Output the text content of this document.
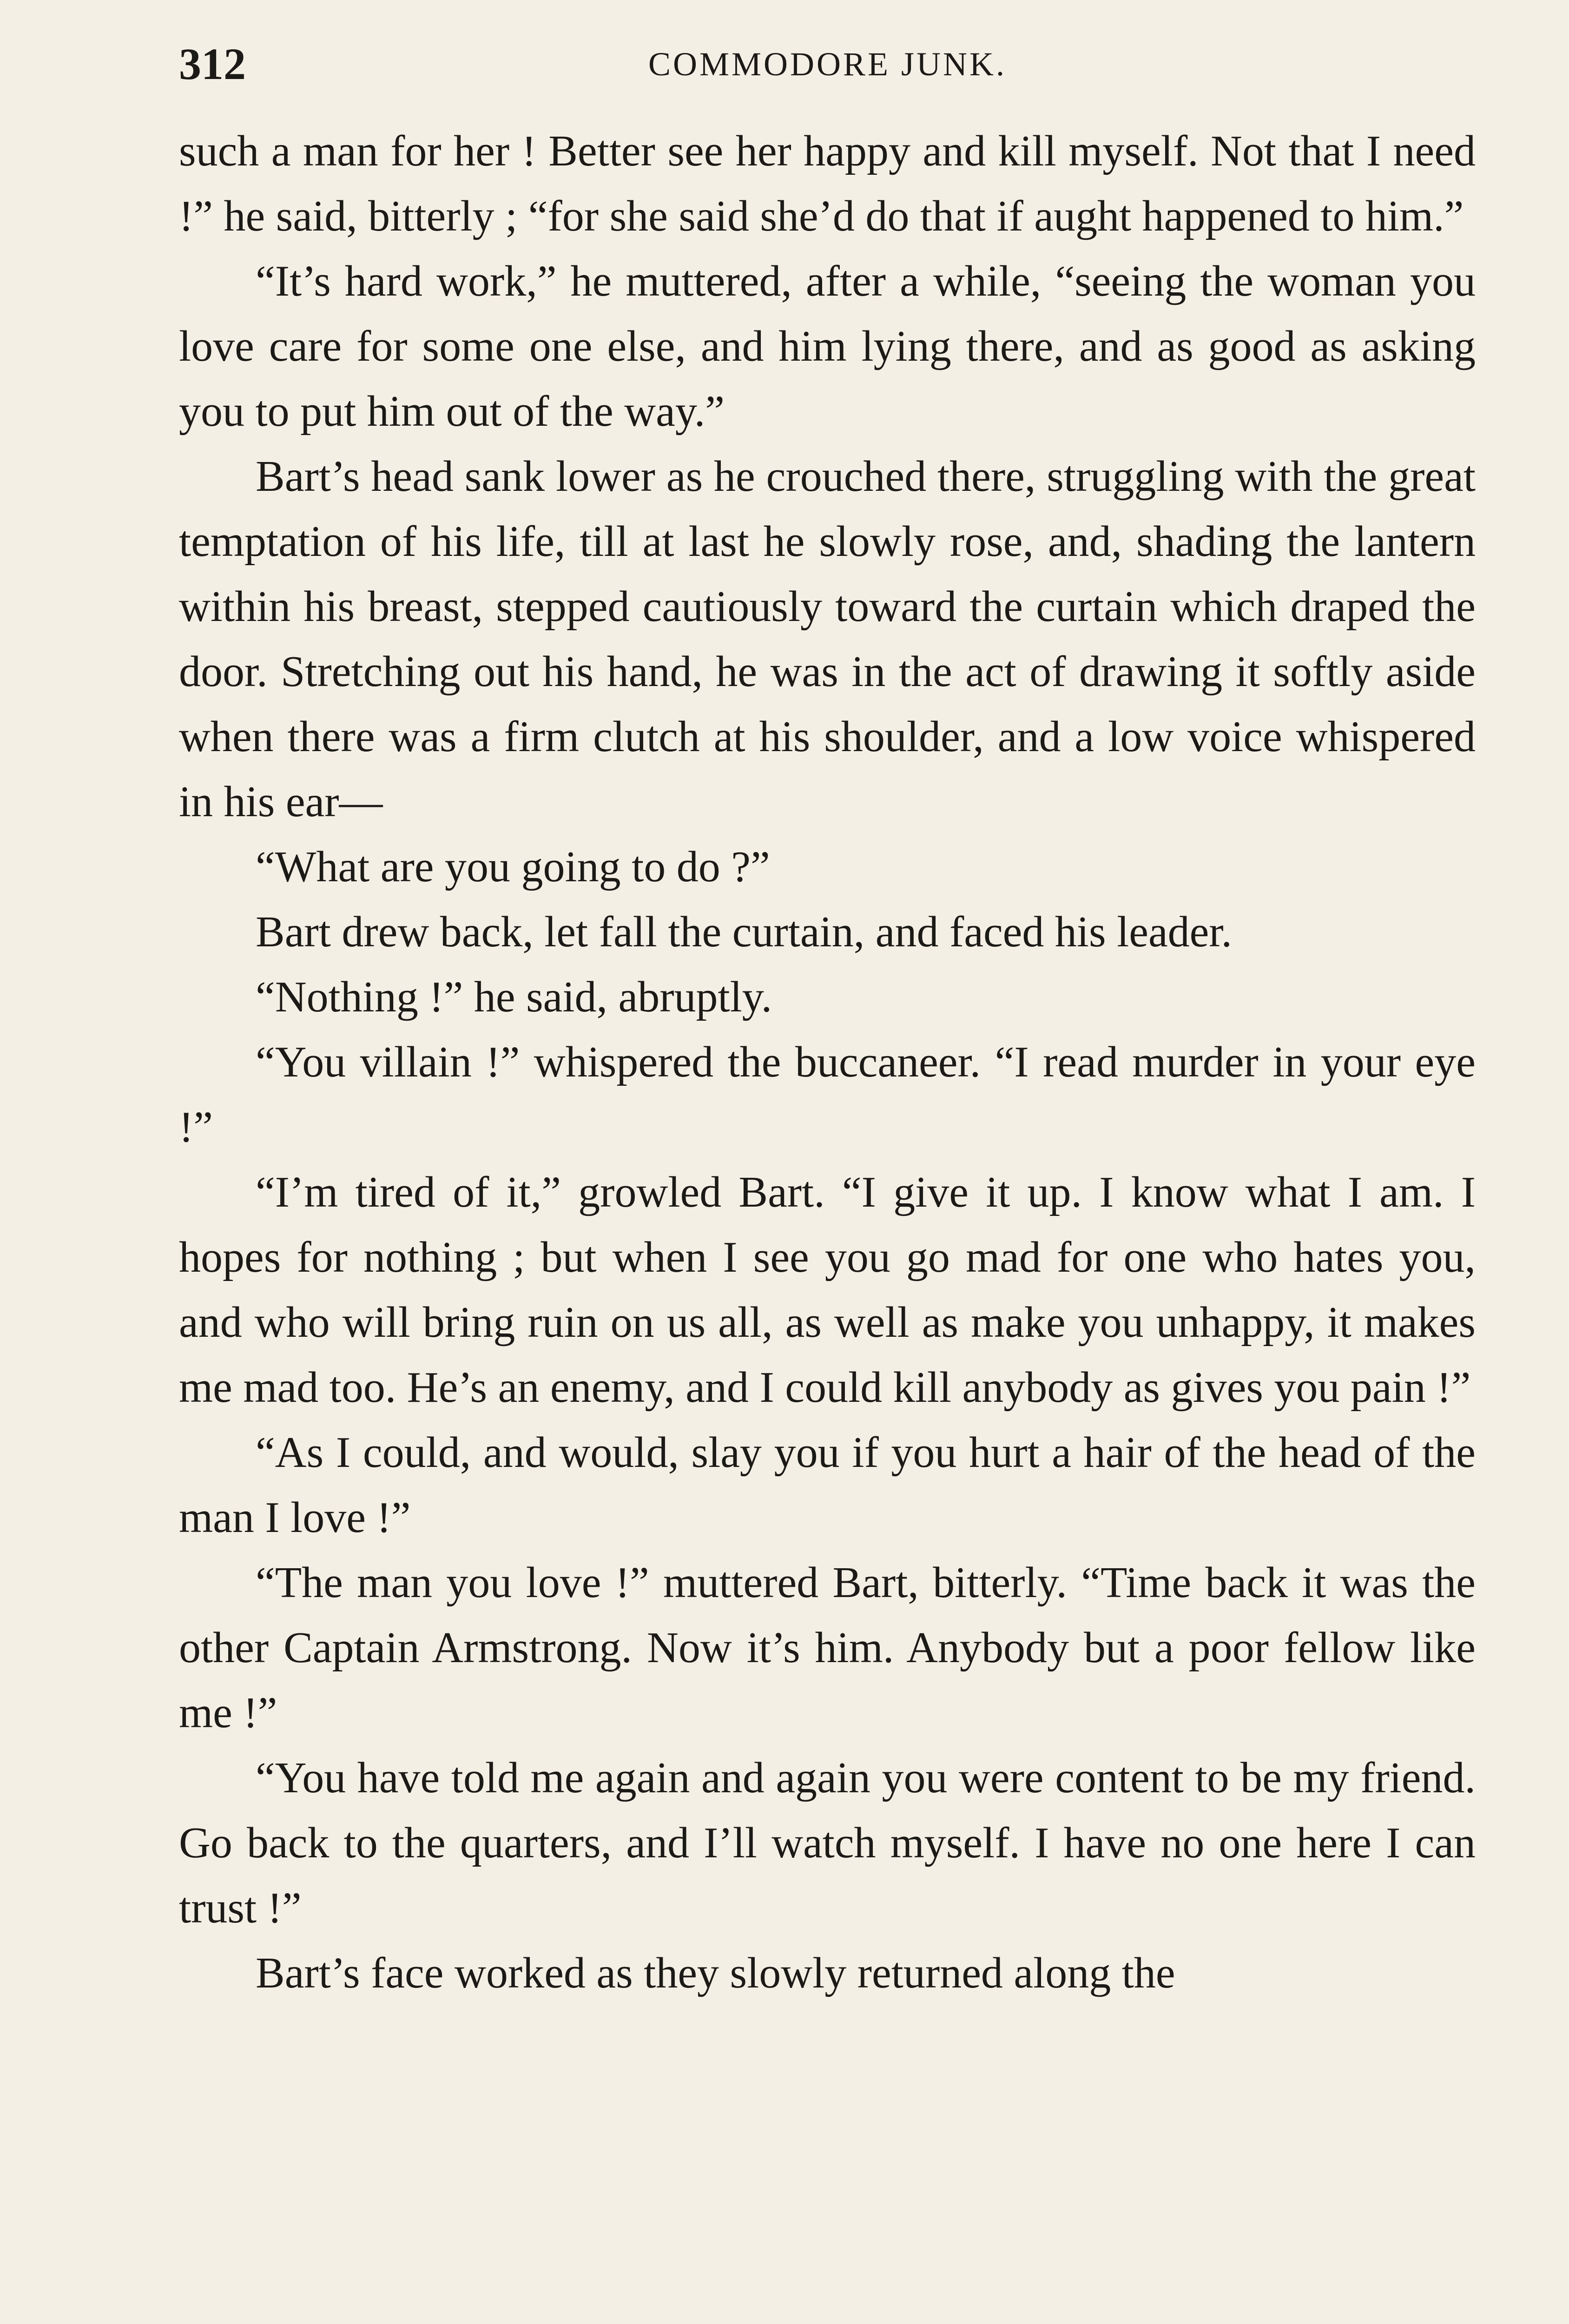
312	COMMODORE JUNK.

such a man for her ! Better see her happy and kill myself. Not that I need !” he said, bitterly ; “for she said she’d do that if aught happened to him.”

“It’s hard work,” he muttered, after a while, “seeing the woman you love care for some one else, and him lying there, and as good as asking you to put him out of the way.”

Bart’s head sank lower as he crouched there, struggling with the great temptation of his life, till at last he slowly rose, and, shading the lantern within his breast, stepped cautiously toward the curtain which draped the door. Stretching out his hand, he was in the act of drawing it softly aside when there was a firm clutch at his shoulder, and a low voice whispered in his ear—

“What are you going to do ?”

Bart drew back, let fall the curtain, and faced his leader.

“Nothing !” he said, abruptly.

“You villain !” whispered the buccaneer. “I read murder in your eye !”

“I’m tired of it,” growled Bart. “I give it up. I know what I am. I hopes for nothing ; but when I see you go mad for one who hates you, and who will bring ruin on us all, as well as make you unhappy, it makes me mad too. He’s an enemy, and I could kill anybody as gives you pain !”

“As I could, and would, slay you if you hurt a hair of the head of the man I love !”

“The man you love !” muttered Bart, bitterly. “Time back it was the other Captain Armstrong. Now it’s him. Anybody but a poor fellow like me !”

“You have told me again and again you were content to be my friend. Go back to the quarters, and I’ll watch myself. I have no one here I can trust !”

Bart’s face worked as they slowly returned along the
